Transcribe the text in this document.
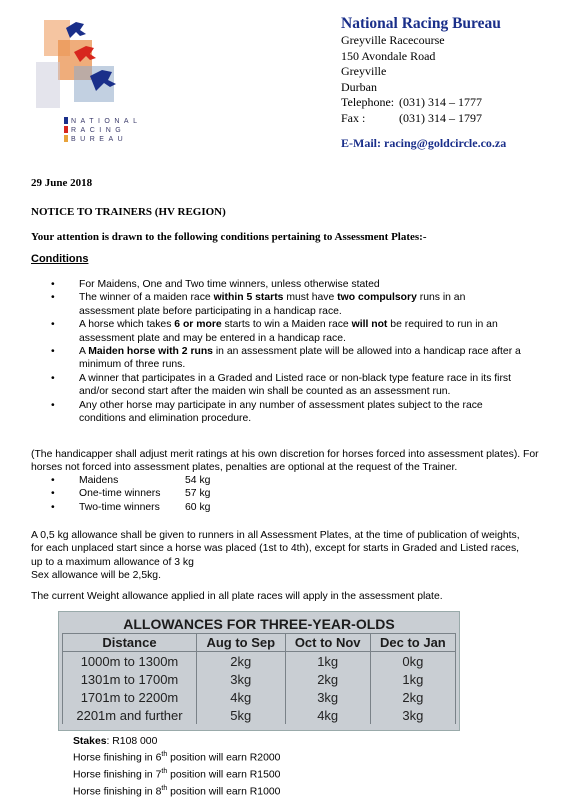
NATIONAL
RACING
BUREAU
National Racing Bureau
Greyville Racecourse
150 Avondale Road
Greyville
Durban
Telephone: (031) 314 – 1777
Fax :	(031) 314 – 1797
E-Mail: racing@goldcircle.co.za
29 June 2018
NOTICE TO TRAINERS (HV REGION)
Your attention is drawn to the following conditions pertaining to Assessment Plates:-
Conditions
• For Maidens, One and Two time winners, unless otherwise stated
• The winner of a maiden race within 5 starts must have two compulsory runs in an assessment plate before participating in a handicap race.
• A horse which takes 6 or more starts to win a Maiden race will not be required to run in an assessment plate and may be entered in a handicap race.
• A Maiden horse with 2 runs in an assessment plate will be allowed into a handicap race after a minimum of three runs.
• A winner that participates in a Graded and Listed race or non-black type feature race in its first and/or second start after the maiden win shall be counted as an assessment run.
• Any other horse may participate in any number of assessment plates subject to the race conditions and elimination procedure.
(The handicapper shall adjust merit ratings at his own discretion for horses forced into assessment plates). For horses not forced into assessment plates, penalties are optional at the request of the Trainer.
• Maidens	54 kg
• One-time winners 57 kg
• Two-time winners 60 kg
A 0,5 kg allowance shall be given to runners in all Assessment Plates, at the time of publication of weights, for each unplaced start since a horse was placed (1st to 4th), except for starts in Graded and Listed races, up to a maximum allowance of 3 kg
Sex allowance will be 2,5kg.
The current Weight allowance applied in all plate races will apply in the assessment plate.
ALLOWANCES FOR THREE-YEAR-OLDS			
Distance	Aug to Sep	Oct to Nov	Dec to Jan
1000m to 1300m	2kg	1kg	0kg
1301m to 1700m	3kg	2kg	1kg
1701m to 2200m	4kg	3kg	2kg
2201m and further	5kg	4kg	3kg
Stakes: R108 000
Horse finishing in 6th position will earn R2000
Horse finishing in 7th position will earn R1500
Horse finishing in 8th position will earn R1000
